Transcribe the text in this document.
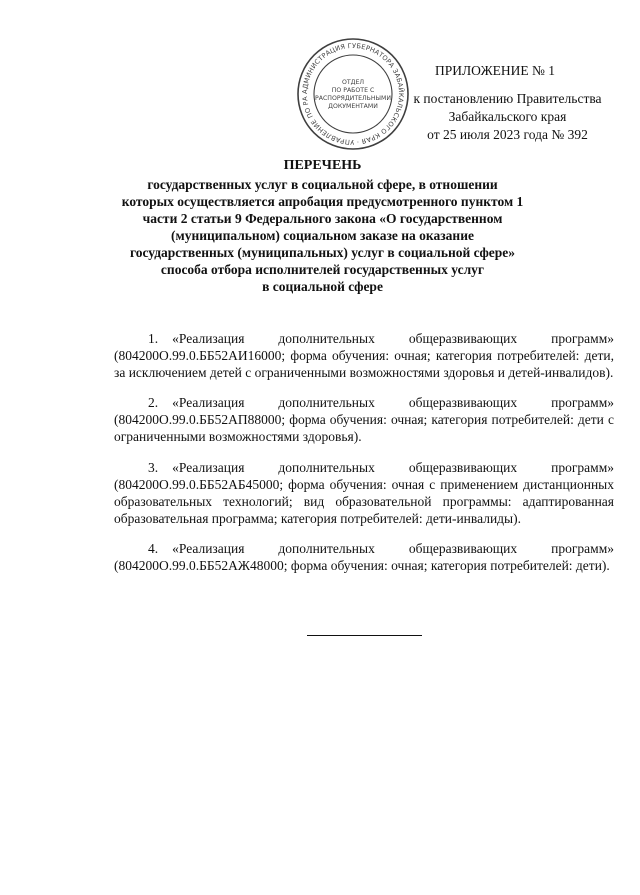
АДМИНИСТРАЦИЯ ГУБЕРНАТОРА ЗАБАЙКАЛЬСКОГО КРАЯ · УПРАВЛЕНИЕ ПО РА
ОТДЕЛ
ПО РАБОТЕ С
РАСПОРЯДИТЕЛЬНЫМИ
ДОКУМЕНТАМИ
ПРИЛОЖЕНИЕ № 1
к постановлению Правительства
Забайкальского края
от 25 июля 2023 года № 392
ПЕРЕЧЕНЬ
государственных услуг в социальной сфере, в отношении
которых осуществляется апробация предусмотренного пунктом 1
части 2 статьи 9 Федерального закона «О государственном
(муниципальном) социальном заказе на оказание
государственных (муниципальных) услуг в социальной сфере»
способа отбора исполнителей государственных услуг
в социальной сфере

1. «Реализация дополнительных общеразвивающих программ» (804200О.99.0.ББ52АИ16000; форма обучения: очная; категория потребителей: дети, за исключением детей с ограниченными возможностями здоровья и детей-инвалидов).

2. «Реализация дополнительных общеразвивающих программ» (804200О.99.0.ББ52АП88000; форма обучения: очная; категория потребителей: дети с ограниченными возможностями здоровья).

3. «Реализация дополнительных общеразвивающих программ» (804200О.99.0.ББ52АБ45000; форма обучения: очная с применением дистанционных образовательных технологий; вид образовательной программы: адаптированная образовательная программа; категория потребителей: дети-инвалиды).

4. «Реализация дополнительных общеразвивающих программ» (804200О.99.0.ББ52АЖ48000; форма обучения: очная; категория потребителей: дети).
